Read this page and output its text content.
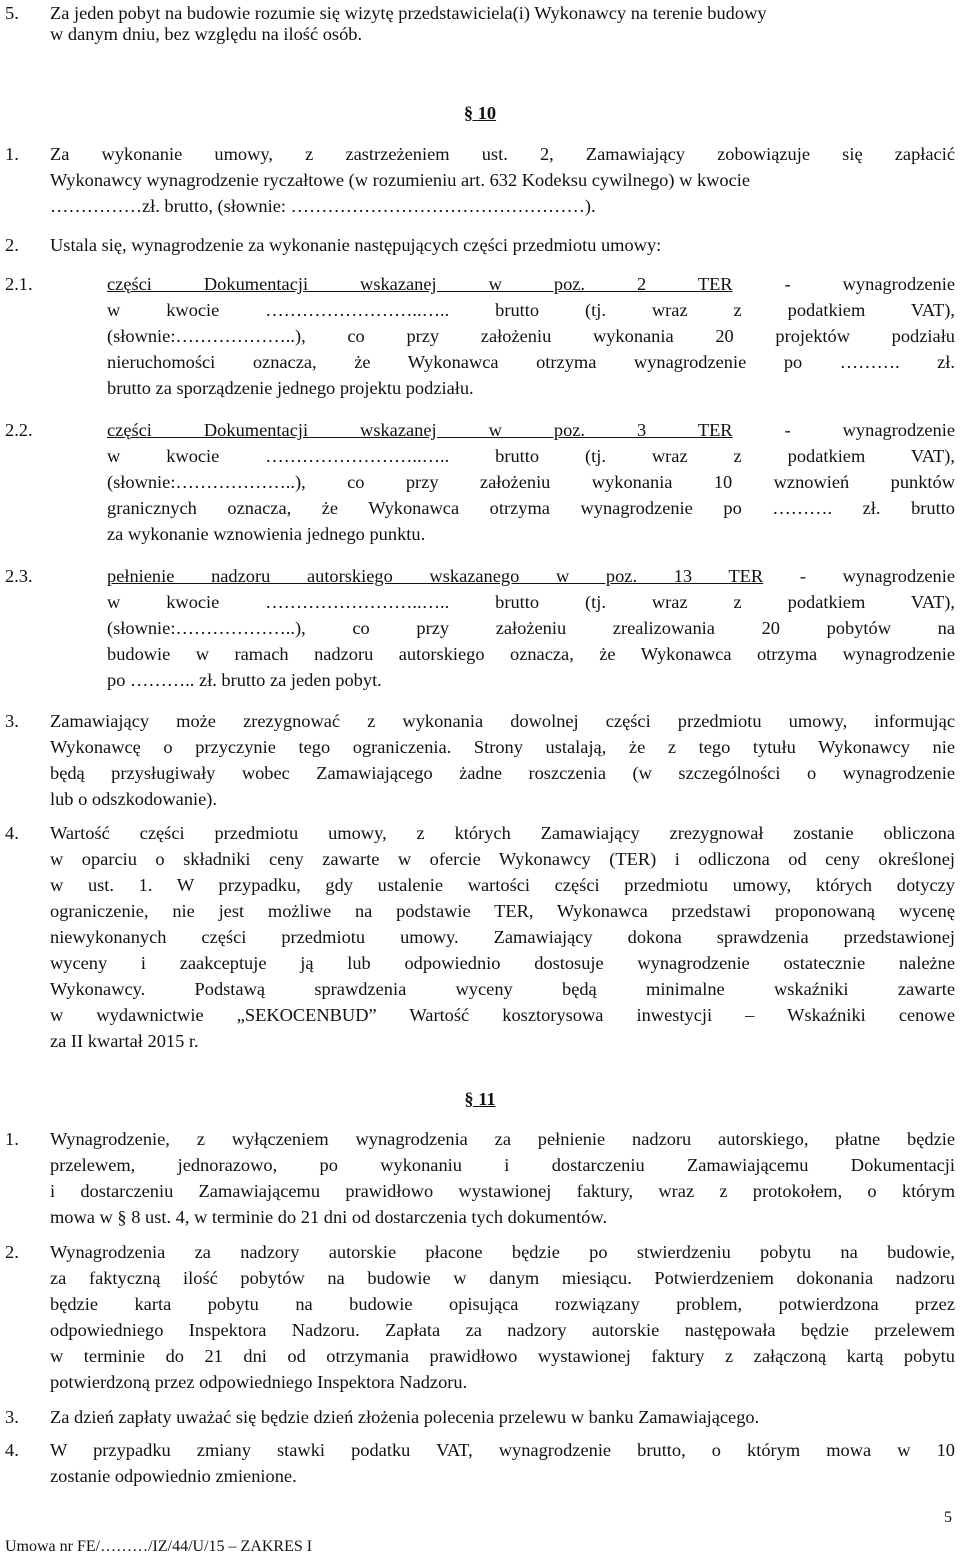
5. Za jeden pobyt na budowie rozumie się wizytę przedstawiciela(i) Wykonawcy na terenie budowy
w danym dniu, bez względu na ilość osób.
§ 10
1. Za wykonanie umowy, z zastrzeżeniem ust. 2, Zamawiający zobowiązuje się zapłacić
Wykonawcy wynagrodzenie ryczałtowe (w rozumieniu art. 632 Kodeksu cywilnego) w kwocie
……………zł. brutto, (słownie: …………………………………………).
2. Ustala się, wynagrodzenie za wykonanie następujących części przedmiotu umowy:
2.1.	części Dokumentacji wskazanej w poz. 2 TER - wynagrodzenie
w kwocie ……………………..….. brutto (tj. wraz z podatkiem VAT),
(słownie:………………..), co przy założeniu wykonania 20 projektów podziału
nieruchomości oznacza, że Wykonawca otrzyma wynagrodzenie po ………. zł.
brutto za sporządzenie jednego projektu podziału.
2.2.	części Dokumentacji wskazanej w poz. 3 TER - wynagrodzenie
w kwocie ……………………..….. brutto (tj. wraz z podatkiem VAT),
(słownie:………………..), co przy założeniu wykonania 10 wznowień punktów
granicznych oznacza, że Wykonawca otrzyma wynagrodzenie po ………. zł. brutto
za wykonanie wznowienia jednego punktu.
2.3.	pełnienie nadzoru autorskiego wskazanego w poz. 13 TER - wynagrodzenie
w kwocie ……………………..….. brutto (tj. wraz z podatkiem VAT),
(słownie:………………..), co przy założeniu zrealizowania 20 pobytów na
budowie w ramach nadzoru autorskiego oznacza, że Wykonawca otrzyma wynagrodzenie
po ……….. zł. brutto za jeden pobyt.
3. Zamawiający może zrezygnować z wykonania dowolnej części przedmiotu umowy, informując
Wykonawcę o przyczynie tego ograniczenia. Strony ustalają, że z tego tytułu Wykonawcy nie
będą przysługiwały wobec Zamawiającego żadne roszczenia (w szczególności o wynagrodzenie
lub o odszkodowanie).
4. Wartość części przedmiotu umowy, z których Zamawiający zrezygnował zostanie obliczona
w oparciu o składniki ceny zawarte w ofercie Wykonawcy (TER) i odliczona od ceny określonej
w ust. 1. W przypadku, gdy ustalenie wartości części przedmiotu umowy, których dotyczy
ograniczenie, nie jest możliwe na podstawie TER, Wykonawca przedstawi proponowaną wycenę
niewykonanych części przedmiotu umowy. Zamawiający dokona sprawdzenia przedstawionej
wyceny i zaakceptuje ją lub odpowiednio dostosuje wynagrodzenie ostatecznie należne
Wykonawcy. Podstawą sprawdzenia wyceny będą minimalne wskaźniki zawarte
w wydawnictwie „SEKOCENBUD” Wartość kosztorysowa inwestycji – Wskaźniki cenowe
za II kwartał 2015 r.
§ 11
1. Wynagrodzenie, z wyłączeniem wynagrodzenia za pełnienie nadzoru autorskiego, płatne będzie
przelewem, jednorazowo, po wykonaniu i dostarczeniu Zamawiającemu Dokumentacji
i dostarczeniu Zamawiającemu prawidłowo wystawionej faktury, wraz z protokołem, o którym
mowa w § 8 ust. 4, w terminie do 21 dni od dostarczenia tych dokumentów.
2. Wynagrodzenia za nadzory autorskie płacone będzie po stwierdzeniu pobytu na budowie,
za faktyczną ilość pobytów na budowie w danym miesiącu. Potwierdzeniem dokonania nadzoru
będzie karta pobytu na budowie opisująca rozwiązany problem, potwierdzona przez
odpowiedniego Inspektora Nadzoru. Zapłata za nadzory autorskie następowała będzie przelewem
w terminie do 21 dni od otrzymania prawidłowo wystawionej faktury z załączoną kartą pobytu
potwierdzoną przez odpowiedniego Inspektora Nadzoru.
3. Za dzień zapłaty uważać się będzie dzień złożenia polecenia przelewu w banku Zamawiającego.
4. W przypadku zmiany stawki podatku VAT, wynagrodzenie brutto, o którym mowa w 10
zostanie odpowiednio zmienione.
5
Umowa nr FE/………/IZ/44/U/15 – ZAKRES I
